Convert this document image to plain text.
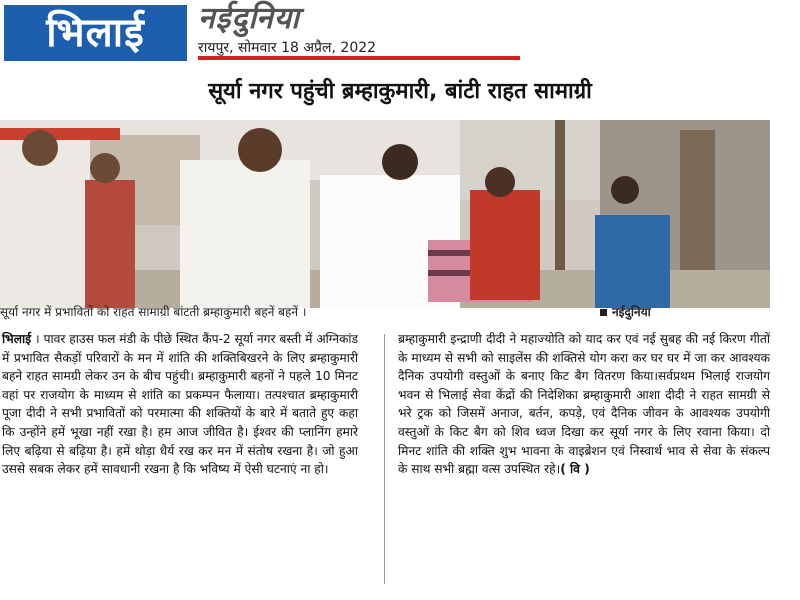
भिलाई	नईदुनिया
रायपुर, सोमवार 18 अप्रैल, 2022
सूर्या नगर पहुंची ब्रम्हाकुमारी, बांटी राहत सामाग्री
सूर्या नगर में प्रभावितों को राहत सामाग्री बांटती ब्रम्हाकुमारी बहनें बहनें ।	नईदुनिया

भिलाई । पावर हाउस फल मंडी के पीछे स्थित कैंप-2 सूर्या नगर बस्ती में अग्निकांड में प्रभावित सैकड़ों परिवारों के मन में शांति की शक्तिबिखरने के लिए ब्रम्हाकुमारी बहने राहत सामग्री लेकर उन के बीच पहुंची। ब्रम्हाकुमारी बहनों ने पहले 10 मिनट वहां पर राजयोग के माध्यम से शांति का प्रकम्पन फैलाया। तत्पश्चात ब्रम्हाकुमारी पूजा दीदी ने सभी प्रभावितों को परमात्मा की शक्तियों के बारे में बताते हुए कहा कि उन्होंने हमें भूखा नहीं रखा है। हम आज जीवित है। ईश्वर की प्लानिंग हमारे लिए बढ़िया से बढ़िया है। हमें थोड़ा धैर्य रख कर मन में संतोष रखना है। जो हुआ उससे सबक लेकर हमें सावधानी रखना है कि भविष्य में ऐसी घटनाएं ना हो।

ब्रम्हाकुमारी इन्द्राणी दीदी ने महाज्योति को याद कर एवं नई सुबह की नई किरण गीतों के माध्यम से सभी को साइलेंस की शक्तिसे योग करा कर घर घर में जा कर आवश्यक दैनिक उपयोगी वस्तुओं के बनाए किट बैग वितरण किया।सर्वप्रथम भिलाई राजयोग भवन से भिलाई सेवा केंद्रों की निदेशिका ब्रम्हाकुमारी आशा दीदी ने राहत सामग्री से भरे ट्रक को जिसमें अनाज, बर्तन, कपड़े, एवं दैनिक जीवन के आवश्यक उपयोगी वस्तुओं के किट बैग को शिव ध्वज दिखा कर सूर्या नगर के लिए रवाना किया। दो मिनट शांति की शक्ति शुभ भावना के वाइब्रेशन एवं निस्वार्थ भाव से सेवा के संकल्प के साथ सभी ब्रह्मा वत्स उपस्थित रहे।( वि )
